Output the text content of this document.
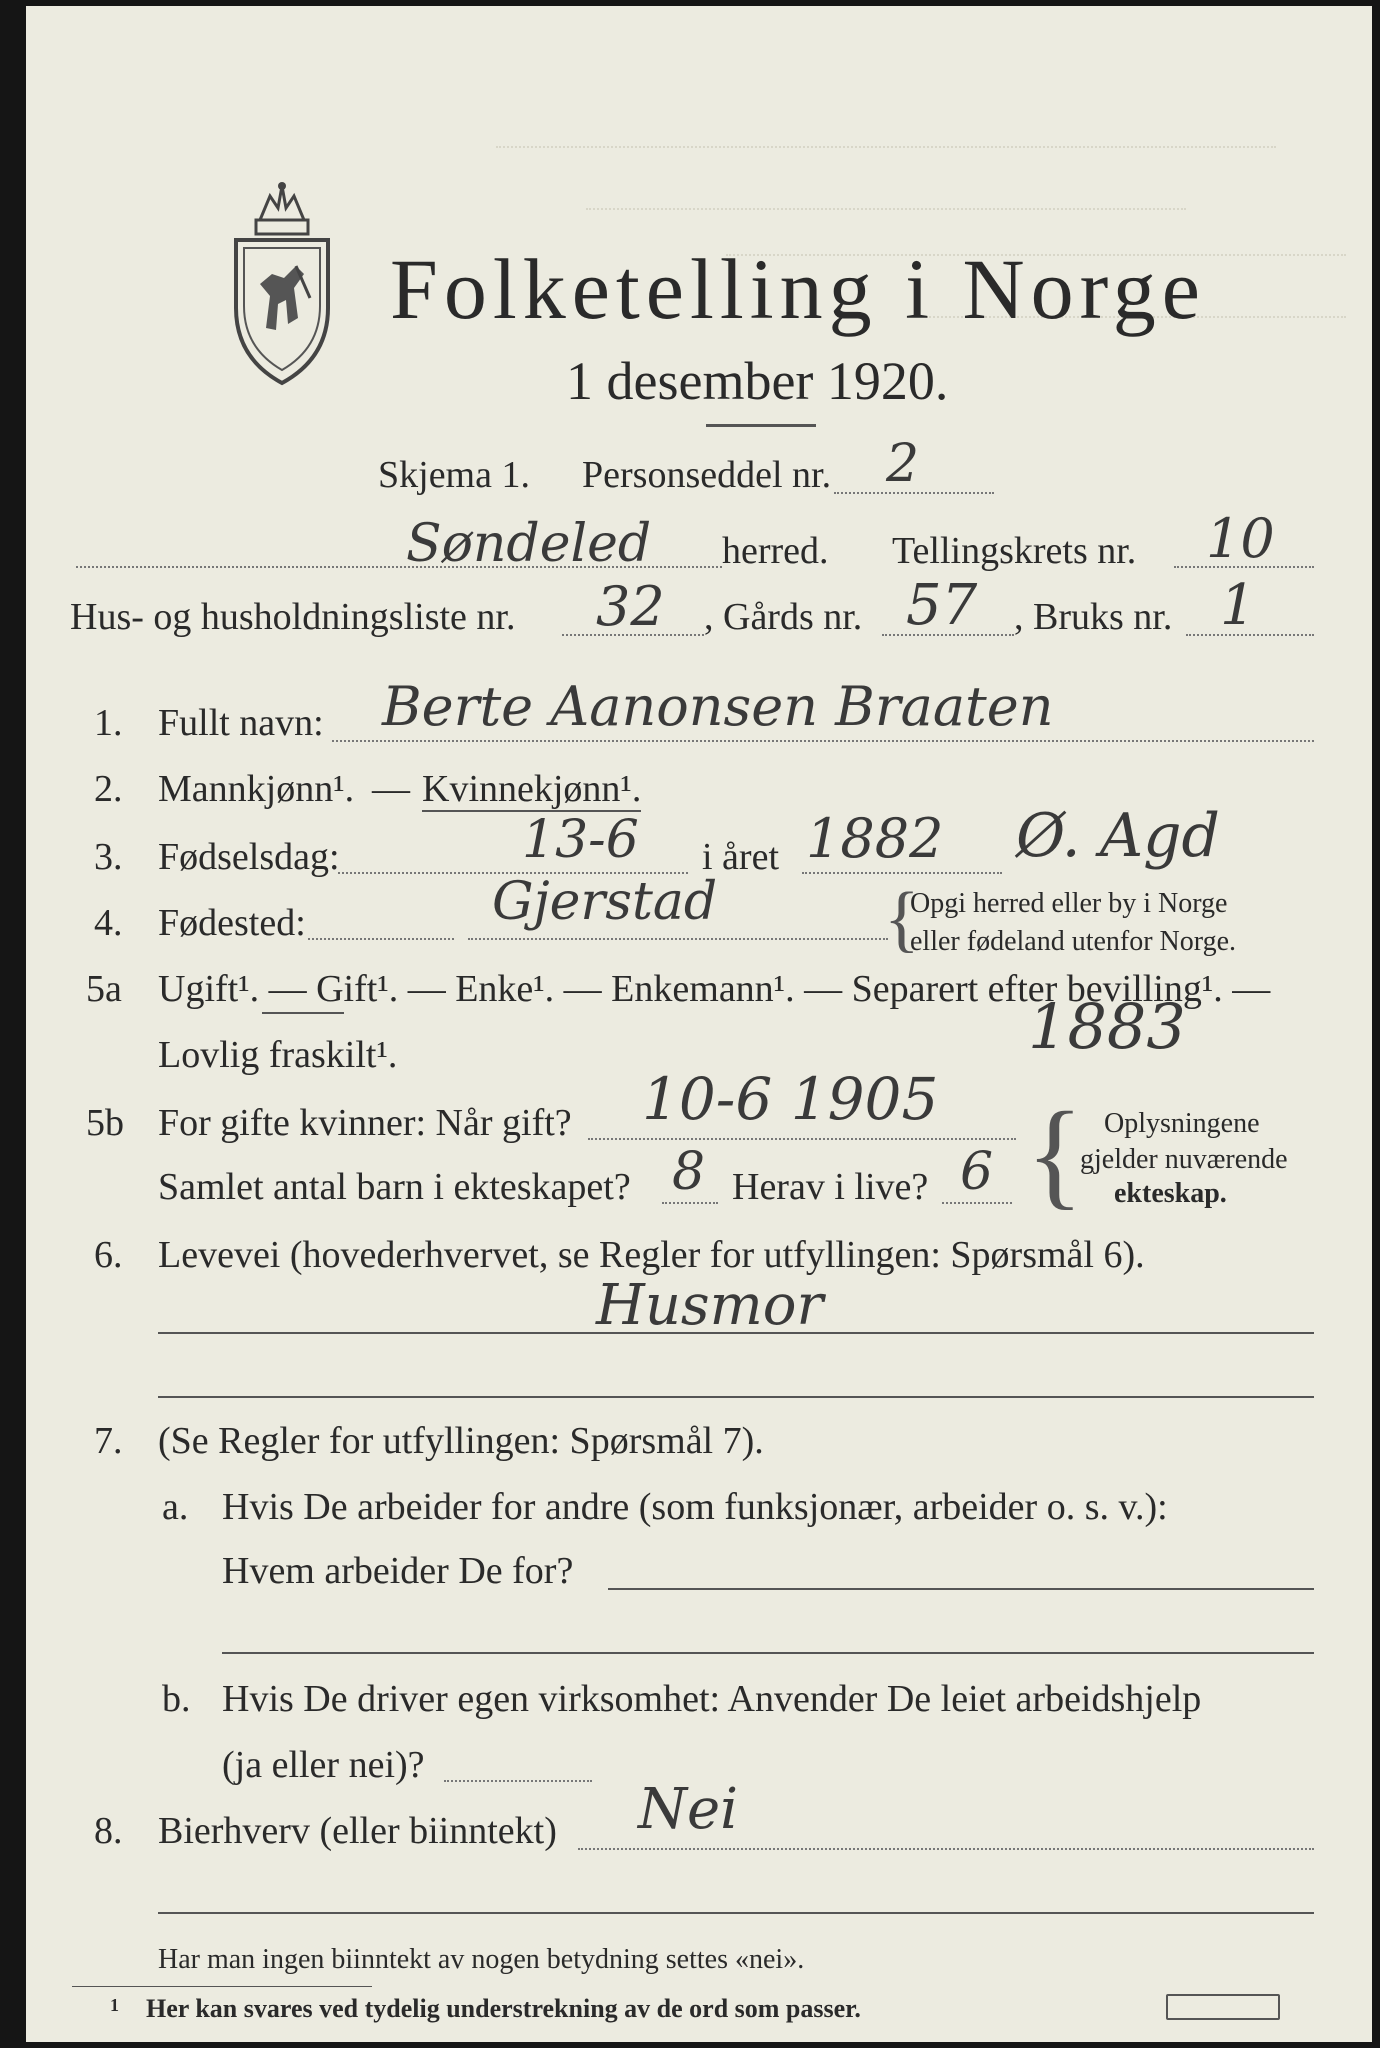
Folketelling i Norge
1 desember 1920.
Skjema 1. Personseddel nr. 2
Søndeled herred. Tellingskrets nr. 10
Hus- og husholdningsliste nr. 32 , Gårds nr. 57 , Bruks nr. 1
1. Fullt navn: Berte Aanonsen Braaten
2. Mannkjønn¹. — Kvinnekjønn¹.
3. Fødselsdag:	13-6 i året 1882 Ø. Agd
4. Fødested:	Gjerstad {
Opgi herred eller by i Norge
eller fødeland utenfor Norge.
5a Ugift¹. — Gift¹. — Enke¹. — Enkemann¹. — Separert efter bevilling¹. —
Lovlig fraskilt¹.	1883
5b For gifte kvinner: Når gift? 10-6 1905
Samlet antal barn i ekteskapet? 8 Herav i live? 6 { Oplysningene
gjelder nuværende
ekteskap.
6. Levevei (hovederhvervet, se Regler for utfyllingen: Spørsmål 6).
Husmor
7. (Se Regler for utfyllingen: Spørsmål 7).
a. Hvis De arbeider for andre (som funksjonær, arbeider o. s. v.):
Hvem arbeider De for?
b. Hvis De driver egen virksomhet: Anvender De leiet arbeidshjelp
(ja eller nei)?
8. Bierhverv (eller biinntekt) Nei
Har man ingen biinntekt av nogen betydning settes «nei».
1 Her kan svares ved tydelig understrekning av de ord som passer.
